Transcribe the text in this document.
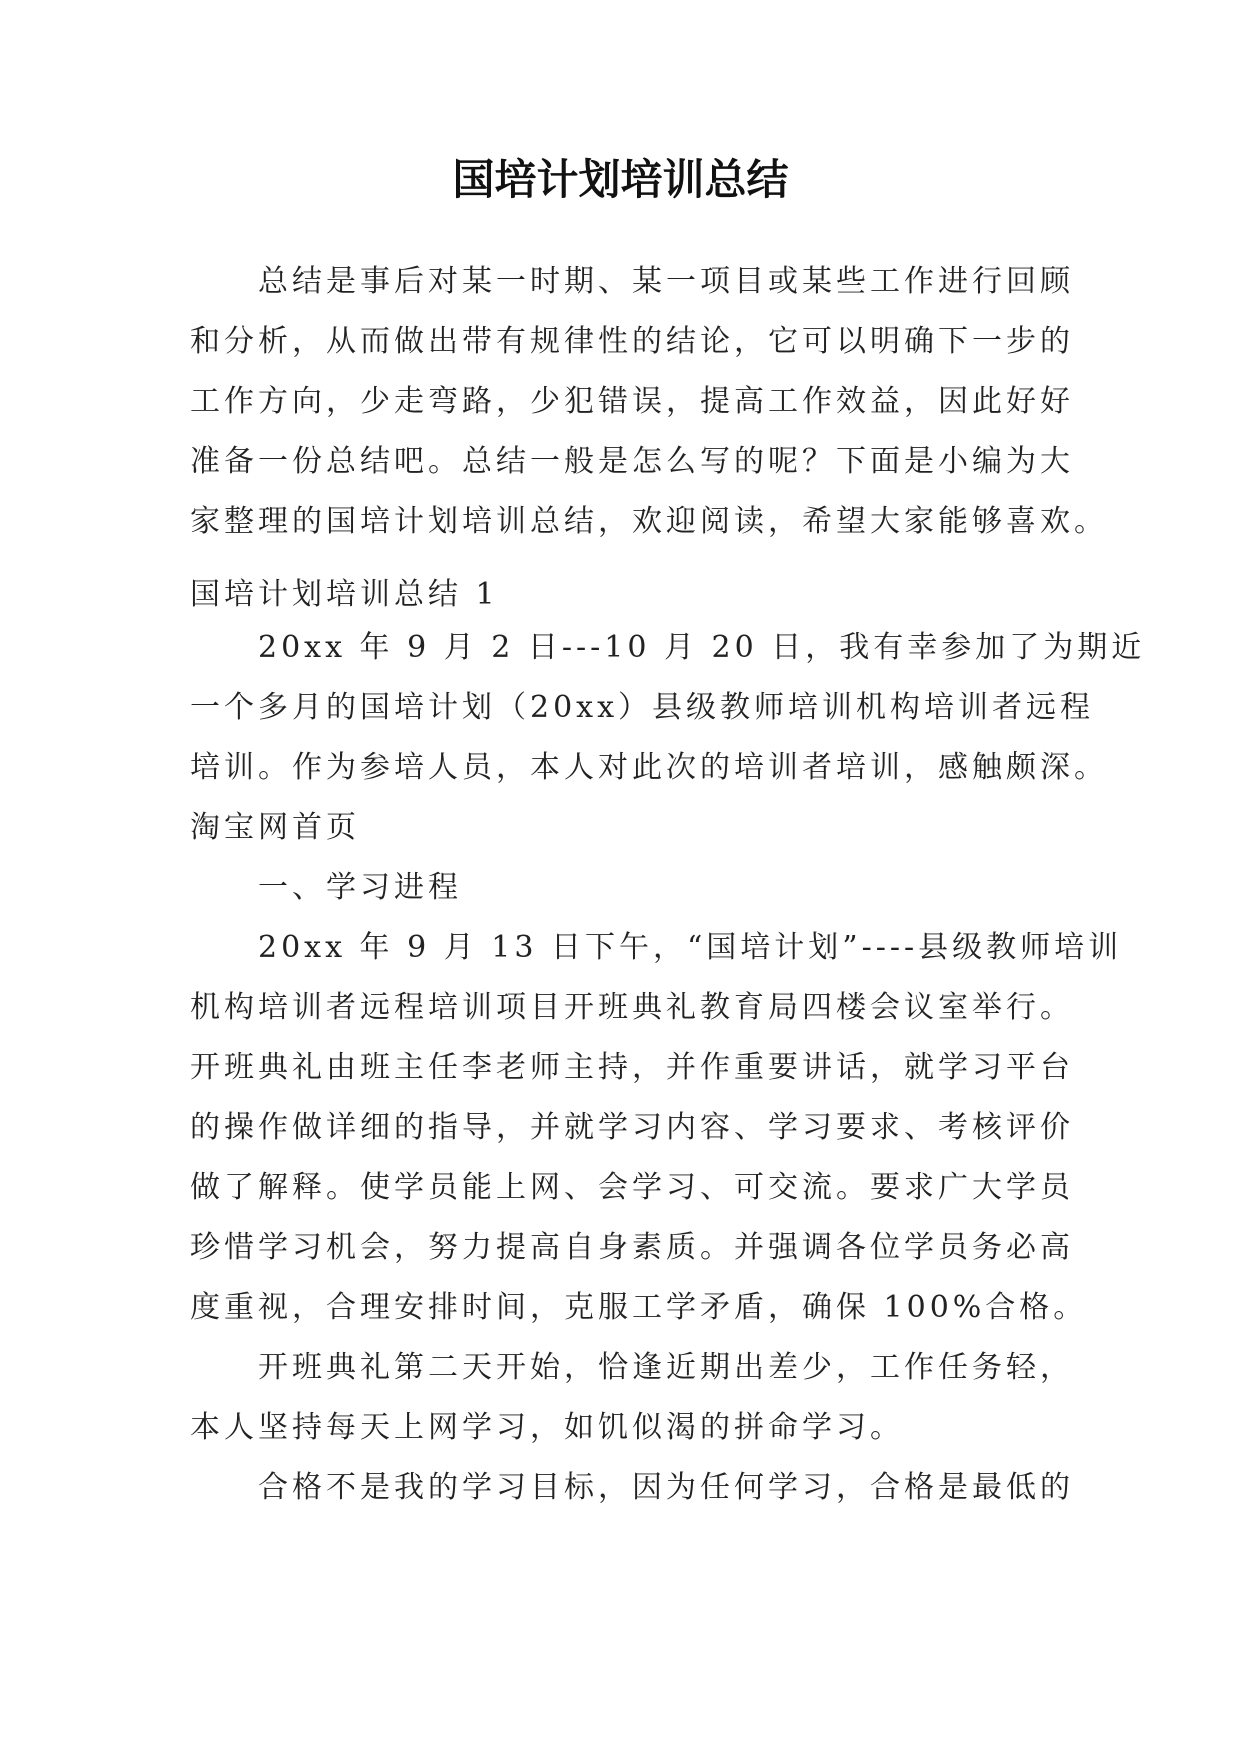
国培计划培训总结
总结是事后对某一时期、某一项目或某些工作进行回顾
和分析，从而做出带有规律性的结论，它可以明确下一步的
工作方向，少走弯路，少犯错误，提高工作效益，因此好好
准备一份总结吧。总结一般是怎么写的呢？下面是小编为大
家整理的国培计划培训总结，欢迎阅读，希望大家能够喜欢。
国培计划培训总结 1
20xx 年 9 月 2 日---10 月 20 日，我有幸参加了为期近
一个多月的国培计划（20xx）县级教师培训机构培训者远程
培训。作为参培人员，本人对此次的培训者培训，感触颇深。
淘宝网首页
一、学习进程
20xx 年 9 月 13 日下午，“国培计划”----县级教师培训
机构培训者远程培训项目开班典礼教育局四楼会议室举行。
开班典礼由班主任李老师主持，并作重要讲话，就学习平台
的操作做详细的指导，并就学习内容、学习要求、考核评价
做了解释。使学员能上网、会学习、可交流。要求广大学员
珍惜学习机会，努力提高自身素质。并强调各位学员务必高
度重视，合理安排时间，克服工学矛盾，确保 100%合格。
开班典礼第二天开始，恰逢近期出差少，工作任务轻，
本人坚持每天上网学习，如饥似渴的拼命学习。
合格不是我的学习目标，因为任何学习，合格是最低的
